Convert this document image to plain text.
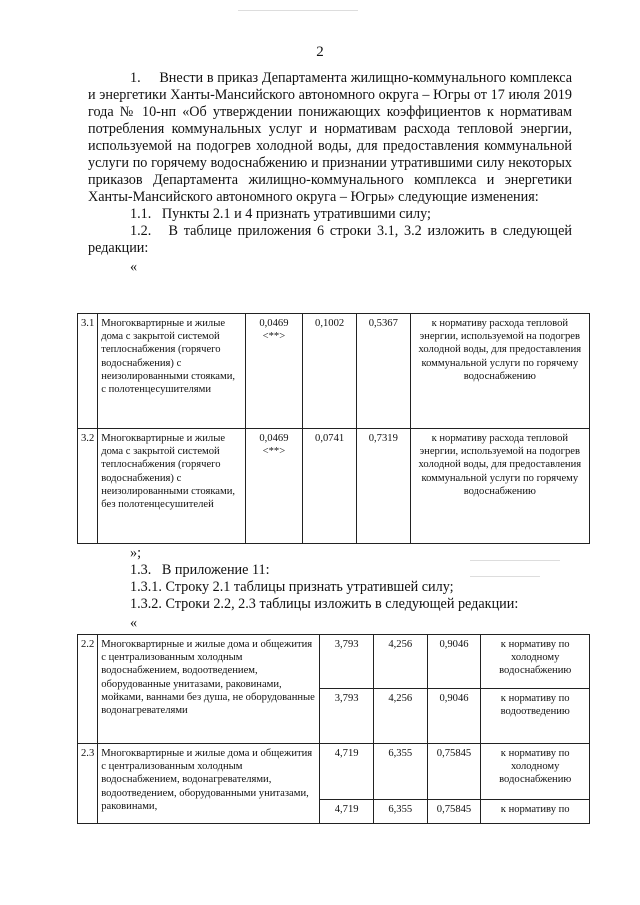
2

1.     Внести в приказ Департамента жилищно-коммунального комплекса и энергетики Ханты-Мансийского автономного округа – Югры от 17 июля 2019 года № 10-нп «Об утверждении понижающих коэффициентов к нормативам потребления коммунальных услуг и нормативам расхода тепловой энергии, используемой на подогрев холодной воды, для предоставления коммунальной услуги по горячему водоснабжению и признании утратившими силу некоторых приказов Департамента жилищно-коммунального комплекса и энергетики Ханты-Мансийского автономного округа – Югры» следующие изменения:

1.1.   Пункты 2.1 и 4 признать утратившими силу;

1.2.   В таблице приложения 6 строки 3.1, 3.2 изложить в следующей редакции:

«

3.1	Многоквартирные и жилые дома с закрытой системой теплоснабжения (горячего водоснабжения) с неизолированными стояками, с полотенцесушителями	0,0469 <**>	0,1002	0,5367	к нормативу расхода тепловой энергии, используемой на подогрев холодной воды, для предоставления коммунальной услуги по горячему водоснабжению
3.2	Многоквартирные и жилые дома с закрытой системой теплоснабжения (горячего водоснабжения) с неизолированными стояками, без полотенцесушителей	0,0469 <**>	0,0741	0,7319	к нормативу расхода тепловой энергии, используемой на подогрев холодной воды, для предоставления коммунальной услуги по горячему водоснабжению

»;

1.3.   В приложение 11:

1.3.1. Строку 2.1 таблицы признать утратившей силу;

1.3.2. Строки 2.2, 2.3 таблицы изложить в следующей редакции:

«

2.2	Многоквартирные и жилые дома и общежития с централизованным холодным водоснабжением, водоотведением, оборудованные унитазами, раковинами, мойками, ваннами без душа, не оборудованные водонагревателями	3,793	4,256	0,9046	к нормативу по холодному водоснабжению
		3,793	4,256	0,9046	к нормативу по водоотведению
2.3	Многоквартирные и жилые дома и общежития с централизованным холодным водоснабжением, водонагревателями, водоотведением, оборудованными унитазами, раковинами,	4,719	6,355	0,75845	к нормативу по холодному водоснабжению
		4,719	6,355	0,75845	к нормативу по
